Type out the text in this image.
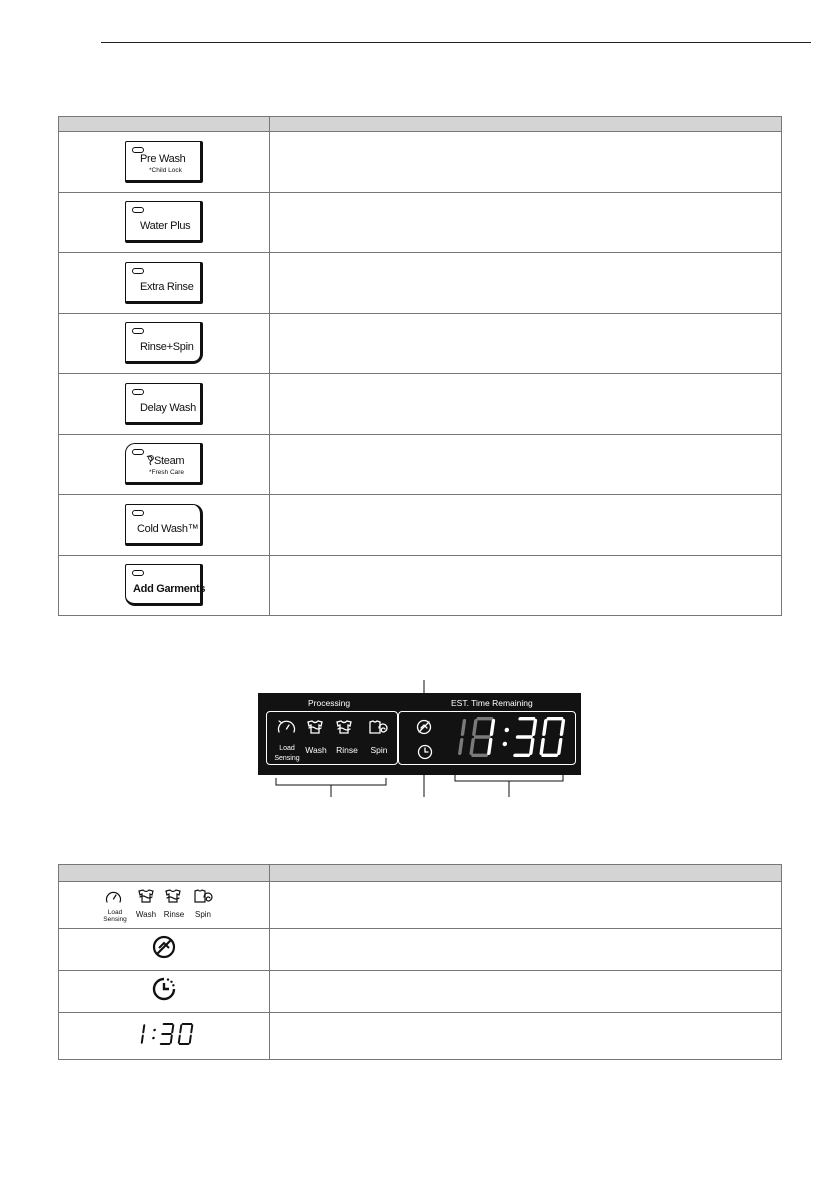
Pre Wash
*Child Lock	

Water Plus	

Extra Rinse	

Rinse+Spin	

Delay Wash	

Steam
*Fresh Care	

Cold Wash™	

Add Garments	

Processing	EST. Time Remaining
Load
Sensing
Wash	Rinse	Spin

Load
Sensing
Wash Rinse Spin	
